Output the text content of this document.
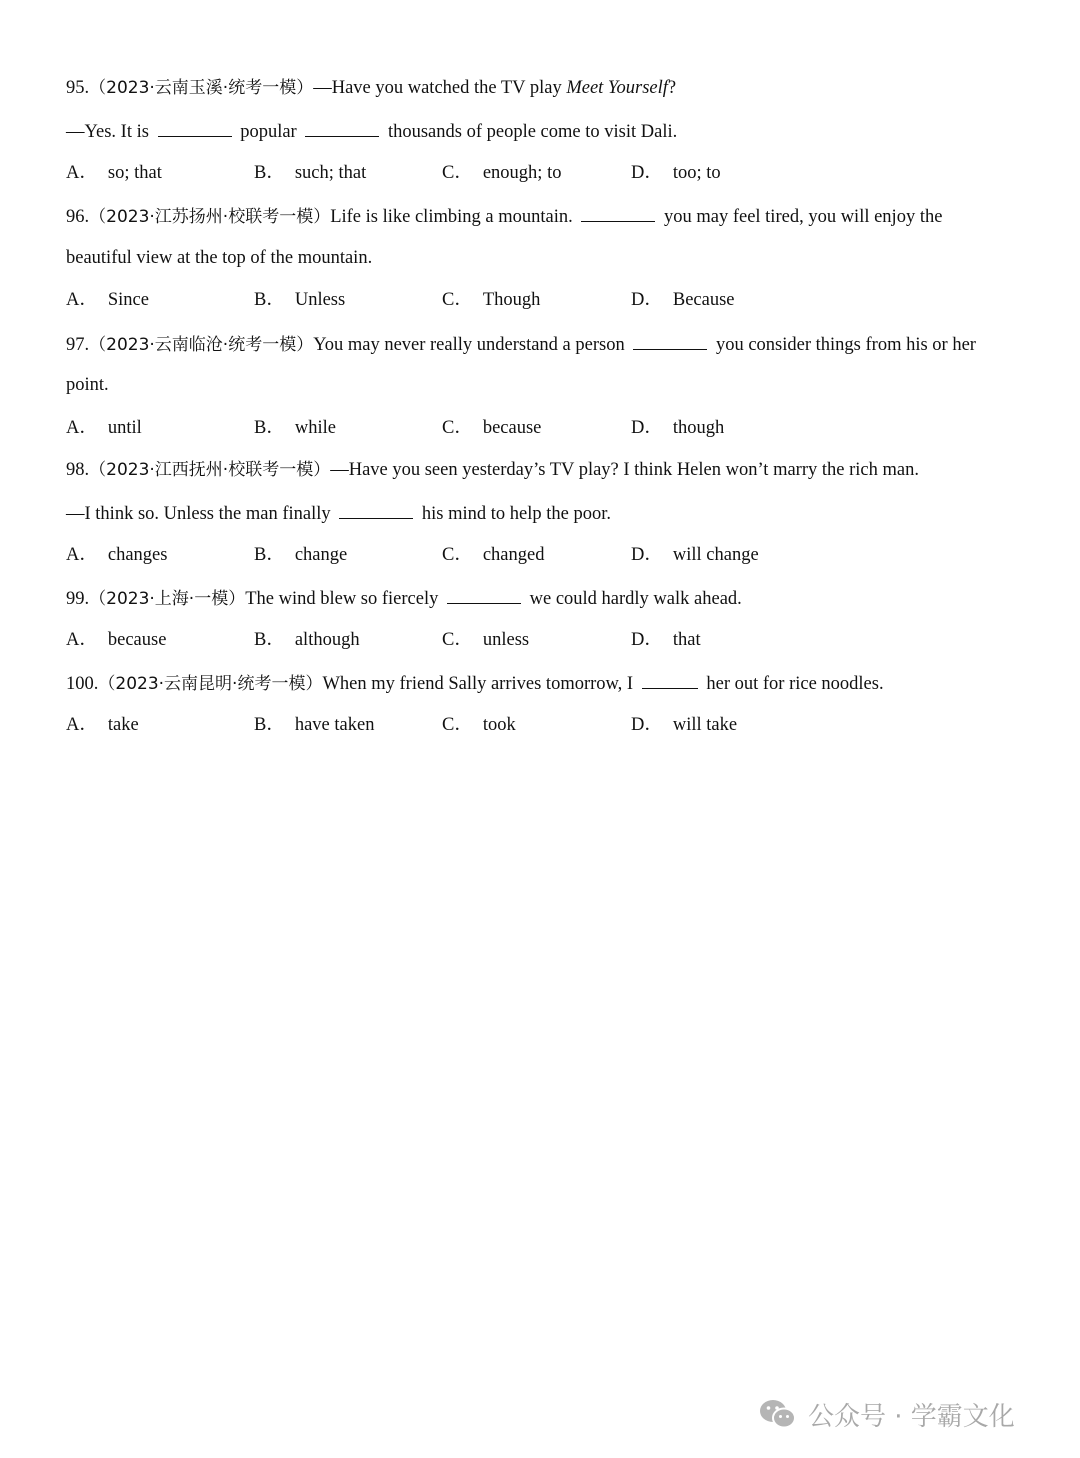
95.（2023·云南玉溪·统考一模）—Have you watched the TV play Meet Yourself?
—Yes. It is	popular	thousands of people come to visit Dali.
A． so; that	B． such; that	C． enough; to	D． too; to
96.（2023·江苏扬州·校联考一模）Life is like climbing a mountain.	you may feel tired, you will enjoy the
beautiful view at the top of the mountain.
A． Since	B． Unless	C． Though	D． Because
97.（2023·云南临沧·统考一模）You may never really understand a person	you consider things from his or her
point.
A． until	B． while	C． because	D． though
98.（2023·江西抚州·校联考一模）—Have you seen yesterday’s TV play? I think Helen won’t marry the rich man.
—I think so. Unless the man finally	his mind to help the poor.
A． changes	B． change	C． changed	D． will change
99.（2023·上海·一模）The wind blew so fiercely	we could hardly walk ahead.
A． because	B． although	C． unless	D． that
100.（2023·云南昆明·统考一模）When my friend Sally arrives tomorrow, I	her out for rice noodles.
A． take	B． have taken	C． took	D． will take
公众号 · 学霸文化
